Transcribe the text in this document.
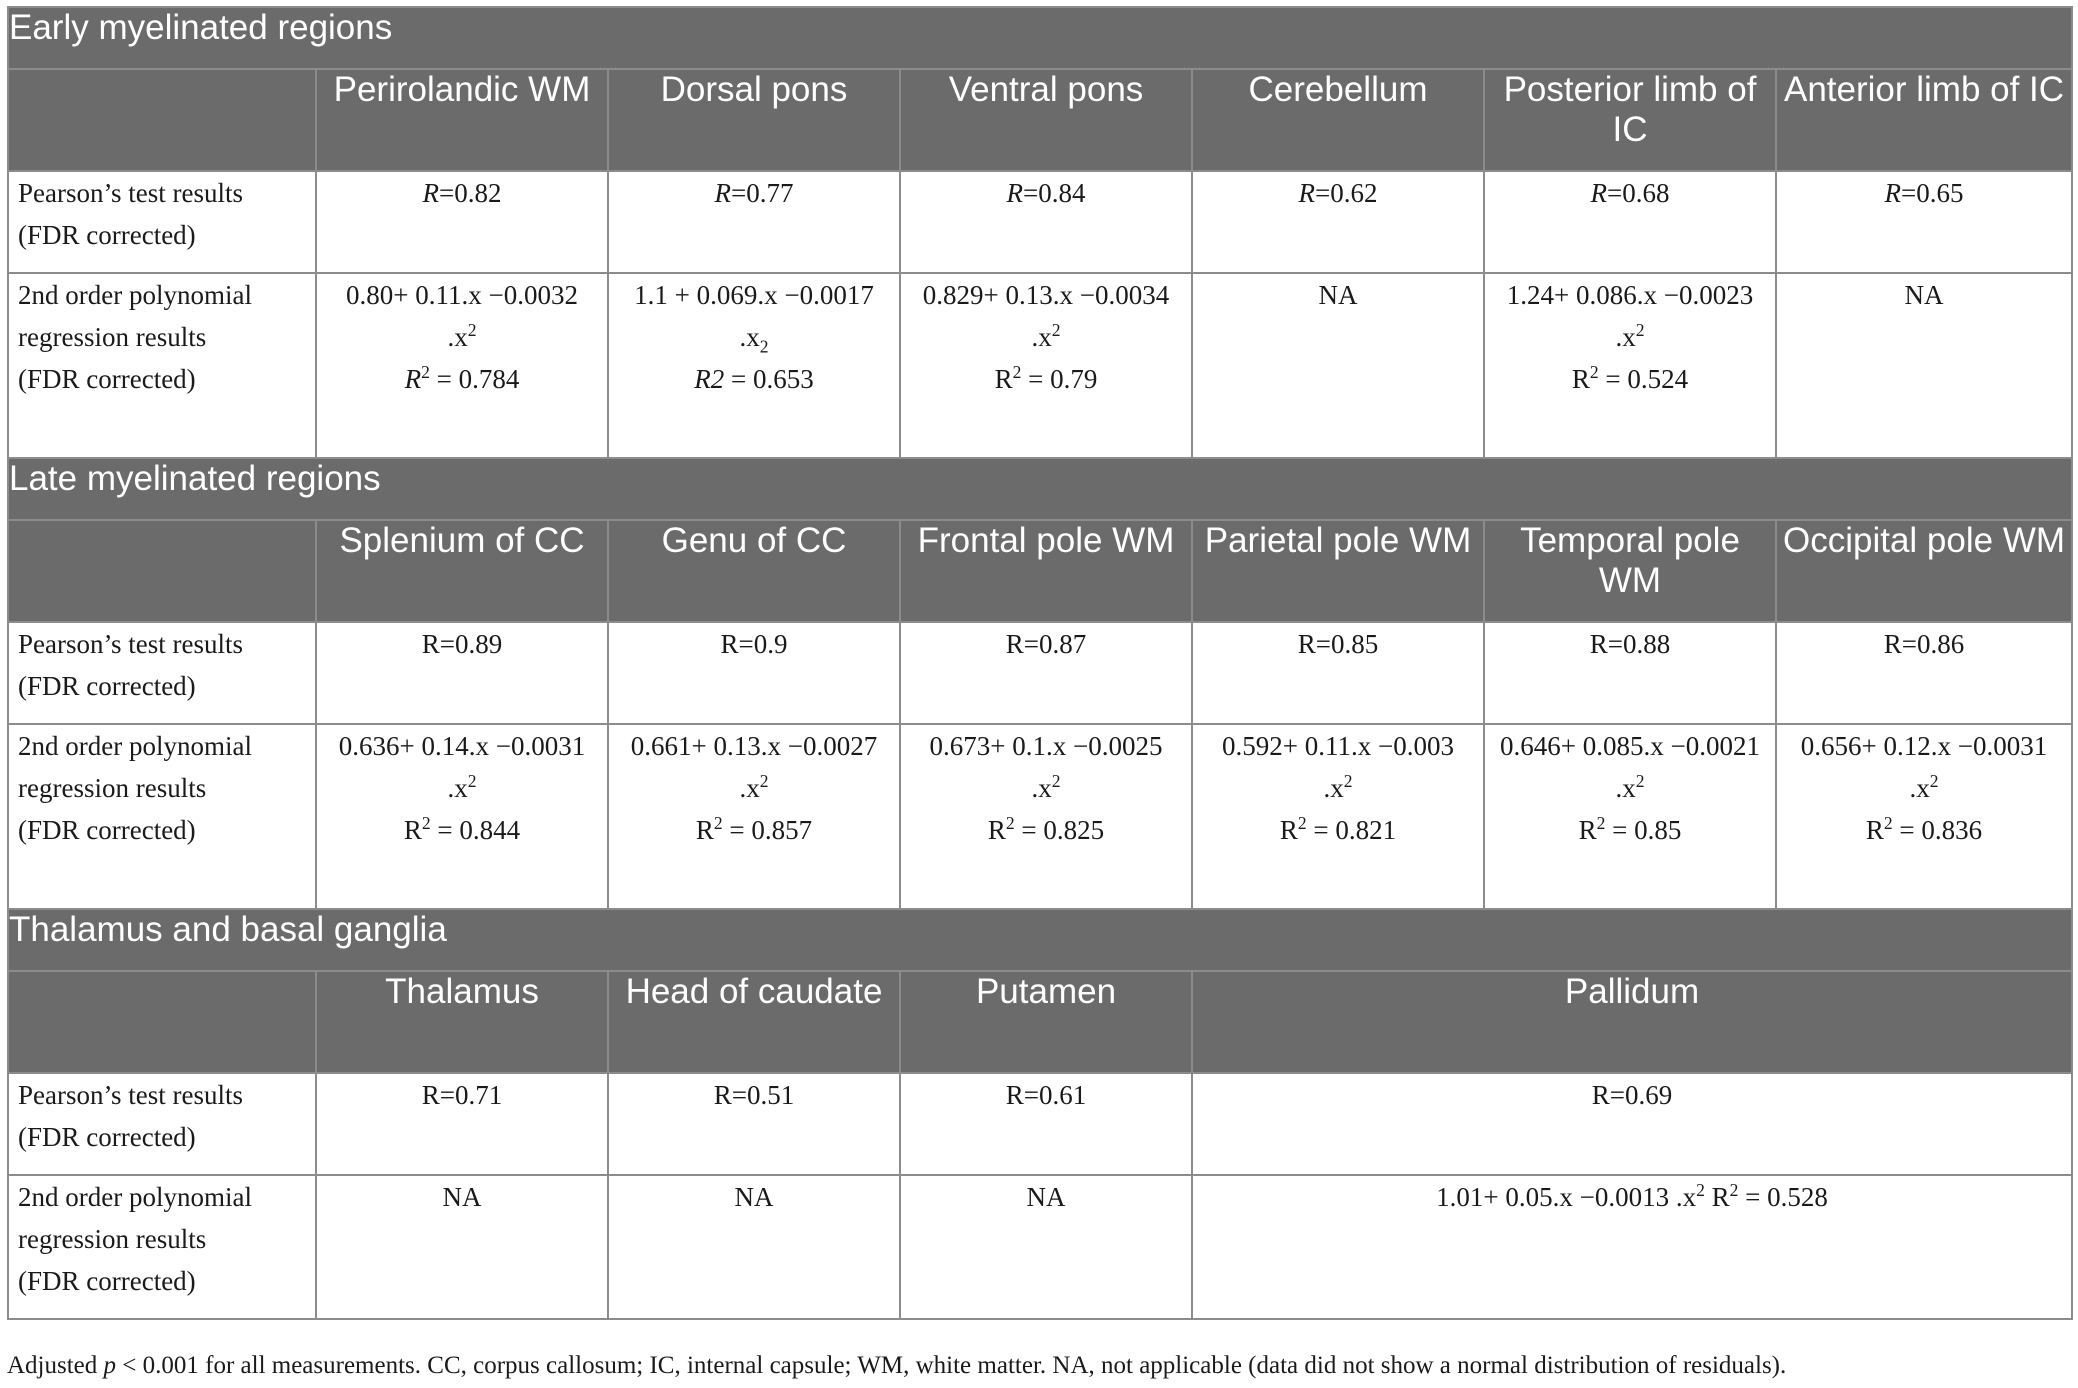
Early myelinated regions						
	Perirolandic WM	Dorsal pons	Ventral pons	Cerebellum	Posterior limb of IC	Anterior limb of IC

Pearson’s test results
(FDR corrected)	R=0.82	R=0.77	R=0.84	R=0.62	R=0.68	R=0.65

2nd order polynomial
regression results
(FDR corrected)	0.80+ 0.11.x −0.0032
$.x^2$
$R^2 = 0.784$	1.1 + 0.069.x −0.0017
$.x_2$
R2 = 0.653	0.829+ 0.13.x −0.0034
$.x^2$
$R^2 = 0.79$	NA	1.24+ 0.086.x −0.0023
$.x^2$
$R^2 = 0.524$	NA

Late myelinated regions						
	Splenium of CC	Genu of CC	Frontal pole WM	Parietal pole WM	Temporal pole WM	Occipital pole WM

Pearson’s test results
(FDR corrected)	R=0.89	R=0.9	R=0.87	R=0.85	R=0.88	R=0.86

2nd order polynomial
regression results
(FDR corrected)	0.636+ 0.14.x −0.0031
$.x^2$
$R^2 = 0.844$	0.661+ 0.13.x −0.0027
$.x^2$
$R^2 = 0.857$	0.673+ 0.1.x −0.0025
$.x^2$
$R^2 = 0.825$	0.592+ 0.11.x −0.003
$.x^2$
$R^2 = 0.821$	0.646+ 0.085.x −0.0021
$.x^2$
$R^2 = 0.85$	0.656+ 0.12.x −0.0031
$.x^2$
$R^2 = 0.836$

Thalamus and basal ganglia						
	Thalamus	Head of caudate	Putamen	Pallidum		

Pearson’s test results
(FDR corrected)	R=0.71	R=0.51	R=0.61	R=0.69		

2nd order polynomial
regression results
(FDR corrected)	NA	NA	NA	1.01+ 0.05.x −0.0013 $.x^2$ $R^2 = 0.528$		
Adjusted p < 0.001 for all measurements. CC, corpus callosum; IC, internal capsule; WM, white matter. NA, not applicable (data did not show a normal distribution of residuals).
